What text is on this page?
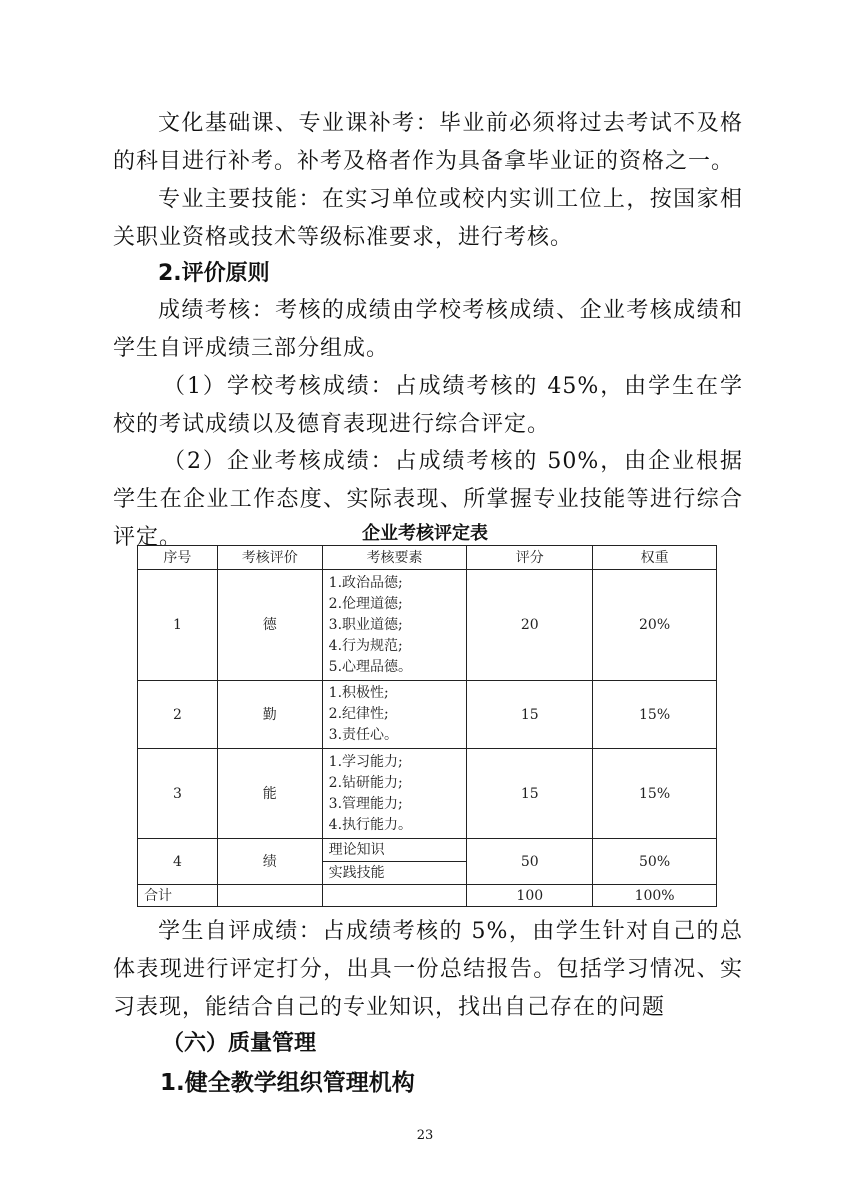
文化基础课、专业课补考：毕业前必须将过去考试不及格的科目进行补考。补考及格者作为具备拿毕业证的资格之一。

专业主要技能：在实习单位或校内实训工位上，按国家相关职业资格或技术等级标准要求，进行考核。

2.评价原则

成绩考核：考核的成绩由学校考核成绩、企业考核成绩和学生自评成绩三部分组成。

（1）学校考核成绩：占成绩考核的 45%，由学生在学校的考试成绩以及德育表现进行综合评定。

（2）企业考核成绩：占成绩考核的 50%，由企业根据学生在企业工作态度、实际表现、所掌握专业技能等进行综合评定。	企业考核评定表
序号	考核评价	考核要素	评分	权重
1	德	1.政治品德;
2.伦理道德;
3.职业道德;
4.行为规范;
5.心理品德。	20	20%
2	勤	1.积极性;
2.纪律性;
3.责任心。	15	15%
3	能	1.学习能力;
2.钻研能力;
3.管理能力;
4.执行能力。	15	15%
4	绩	理论知识	50	50%
		实践技能		
合计			100	100%

学生自评成绩：占成绩考核的 5%，由学生针对自己的总体表现进行评定打分，出具一份总结报告。包括学习情况、实习表现，能结合自己的专业知识，找出自己存在的问题

（六）质量管理
1.健全教学组织管理机构
23
